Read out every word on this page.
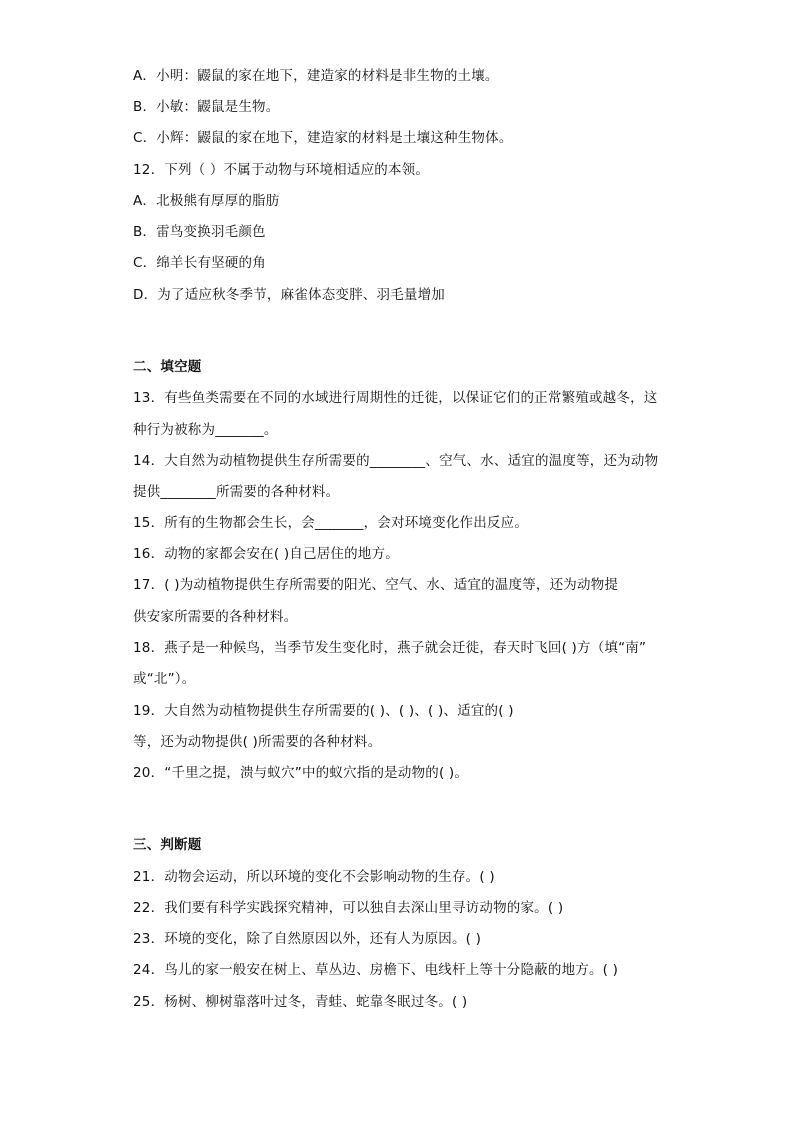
A．小明：鼹鼠的家在地下，建造家的材料是非生物的土壤。
B．小敏：鼹鼠是生物。
C．小辉：鼹鼠的家在地下，建造家的材料是土壤这种生物体。
12．下列（ ）不属于动物与环境相适应的本领。
A．北极熊有厚厚的脂肪
B．雷鸟变换羽毛颜色
C．绵羊长有坚硬的角
D．为了适应秋冬季节，麻雀体态变胖、羽毛量增加
二、填空题
13．有些鱼类需要在不同的水域进行周期性的迁徙，以保证它们的正常繁殖或越冬，这
种行为被称为_______。
14．大自然为动植物提供生存所需要的________、空气、水、适宜的温度等，还为动物
提供________所需要的各种材料。
15．所有的生物都会生长，会_______，会对环境变化作出反应。
16．动物的家都会安在( )自己居住的地方。
17．( )为动植物提供生存所需要的阳光、空气、水、适宜的温度等，还为动物提
供安家所需要的各种材料。
18．燕子是一种候鸟，当季节发生变化时，燕子就会迁徙，春天时飞回( )方（填“南”
或“北”）。
19．大自然为动植物提供生存所需要的( )、( )、( )、适宜的( )
等，还为动物提供( )所需要的各种材料。
20．“千里之提，溃与蚁穴”中的蚁穴指的是动物的( )。
三、判断题
21．动物会运动，所以环境的变化不会影响动物的生存。( )
22．我们要有科学实践探究精神，可以独自去深山里寻访动物的家。( )
23．环境的变化，除了自然原因以外，还有人为原因。( )
24．鸟儿的家一般安在树上、草丛边、房檐下、电线杆上等十分隐蔽的地方。( )
25．杨树、柳树靠落叶过冬，青蛙、蛇靠冬眠过冬。( )
